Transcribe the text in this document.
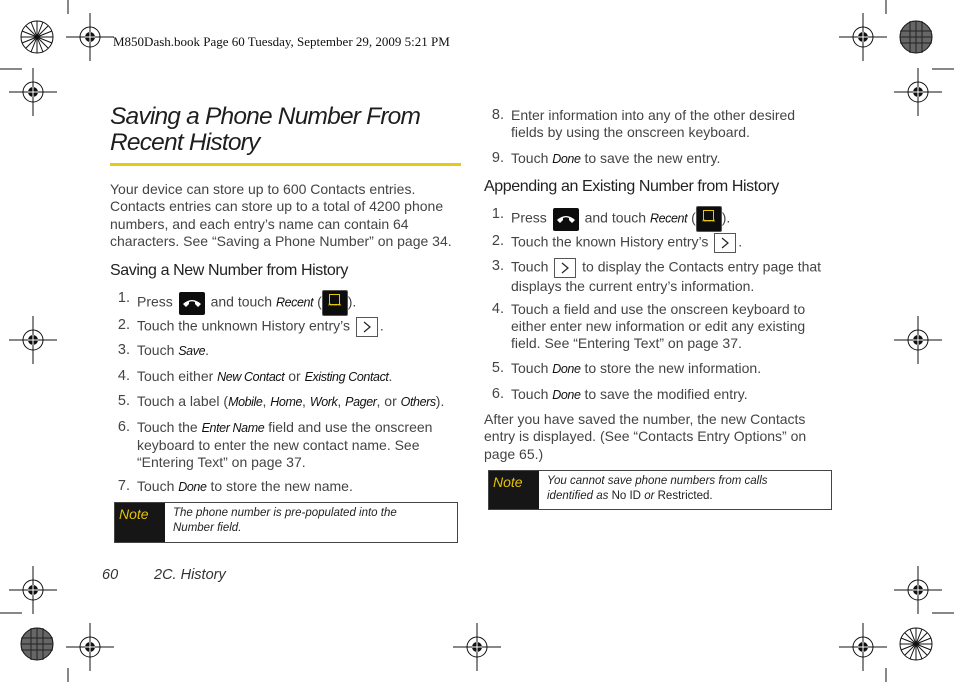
M850Dash.book Page 60 Tuesday, September 29, 2009 5:21 PM
Saving a Phone Number From
Recent History
Your device can store up to 600 Contacts entries.
Contacts entries can store up to a total of 4200 phone
numbers, and each entry’s name can contain 64
characters. See “Saving a Phone Number” on page 34.
Saving a New Number from History
1. Press	and touch Recent (	Recent ).
2. Touch the unknown History entry’s .
3. Touch Save.
4. Touch either New Contact or Existing Contact.
5. Touch a label (Mobile, Home, Work, Pager, or Others).
6. Touch the Enter Name field and use the onscreen
keyboard to enter the new contact name. See
“Entering Text” on page 37.
7. Touch Done to store the new name.
Note	The phone number is pre-populated into the
Number field.
60 2C. History
8. Enter information into any of the other desired
fields by using the onscreen keyboard.
9. Touch Done to save the new entry.
Appending an Existing Number from History
1. Press	and touch Recent (	Recent ).
2. Touch the known History entry’s .
3. Touch to display the Contacts entry page that
displays the current entry’s information.
4. Touch a field and use the onscreen keyboard to
either enter new information or edit any existing
field. See “Entering Text” on page 37.
5. Touch Done to store the new information.
6. Touch Done to save the modified entry.
After you have saved the number, the new Contacts
entry is displayed. (See “Contacts Entry Options” on
page 65.)
Note	You cannot save phone numbers from calls
identified as No ID or Restricted.
